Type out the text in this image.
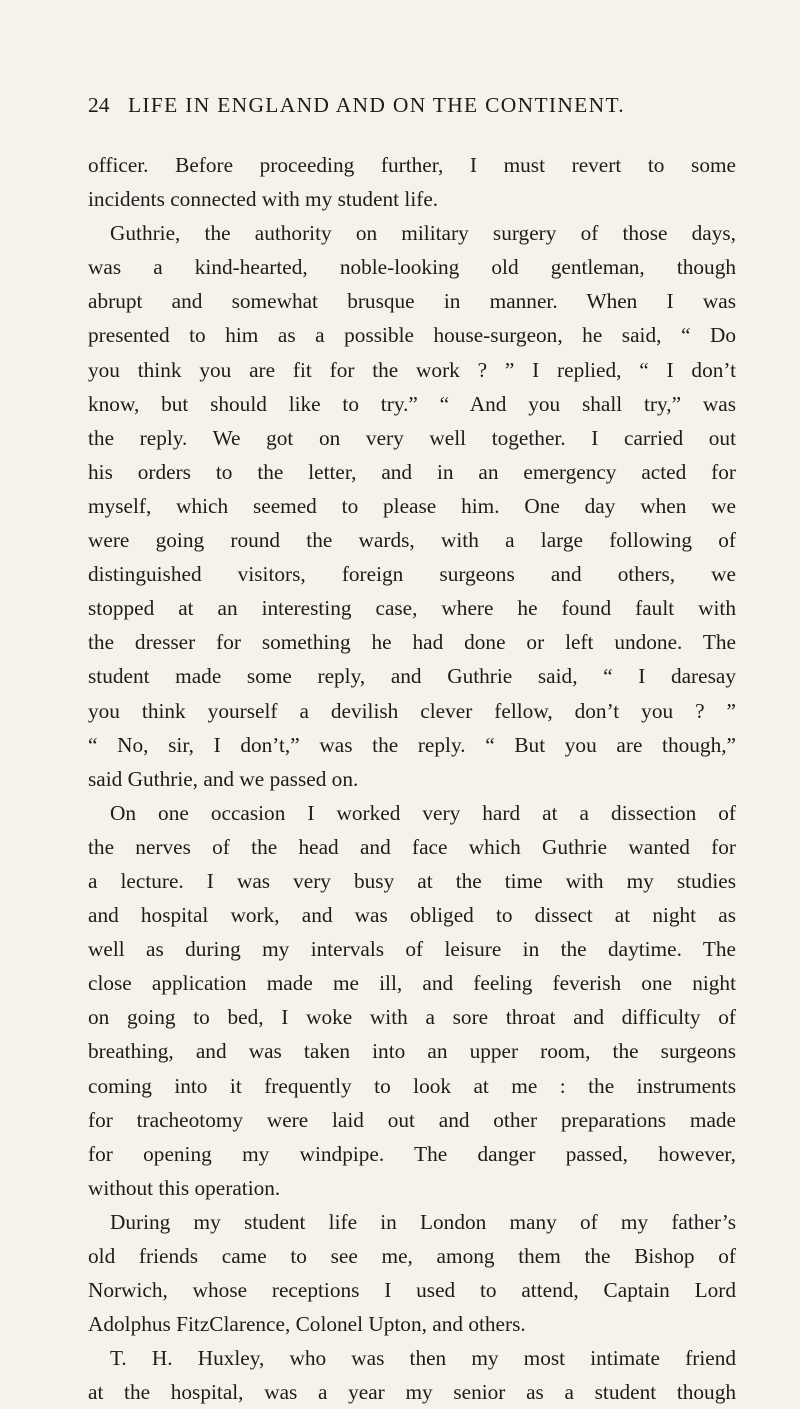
24 LIFE IN ENGLAND AND ON THE CONTINENT.
officer. Before proceeding further, I must revert to some
incidents connected with my student life.
Guthrie, the authority on military surgery of those days,
was a kind-hearted, noble-looking old gentleman, though
abrupt and somewhat brusque in manner. When I was
presented to him as a possible house-surgeon, he said, “ Do
you think you are fit for the work ? ” I replied, “ I don’t
know, but should like to try.” “ And you shall try,” was
the reply. We got on very well together. I carried out
his orders to the letter, and in an emergency acted for
myself, which seemed to please him. One day when we
were going round the wards, with a large following of
distinguished visitors, foreign surgeons and others, we
stopped at an interesting case, where he found fault with
the dresser for something he had done or left undone. The
student made some reply, and Guthrie said, “ I daresay
you think yourself a devilish clever fellow, don’t you ? ”
“ No, sir, I don’t,” was the reply. “ But you are though,”
said Guthrie, and we passed on.
On one occasion I worked very hard at a dissection of
the nerves of the head and face which Guthrie wanted for
a lecture. I was very busy at the time with my studies
and hospital work, and was obliged to dissect at night as
well as during my intervals of leisure in the daytime. The
close application made me ill, and feeling feverish one night
on going to bed, I woke with a sore throat and difficulty of
breathing, and was taken into an upper room, the surgeons
coming into it frequently to look at me : the instruments
for tracheotomy were laid out and other preparations made
for opening my windpipe. The danger passed, however,
without this operation.
During my student life in London many of my father’s
old friends came to see me, among them the Bishop of
Norwich, whose receptions I used to attend, Captain Lord
Adolphus FitzClarence, Colonel Upton, and others.
T. H. Huxley, who was then my most intimate friend
at the hospital, was a year my senior as a student though
